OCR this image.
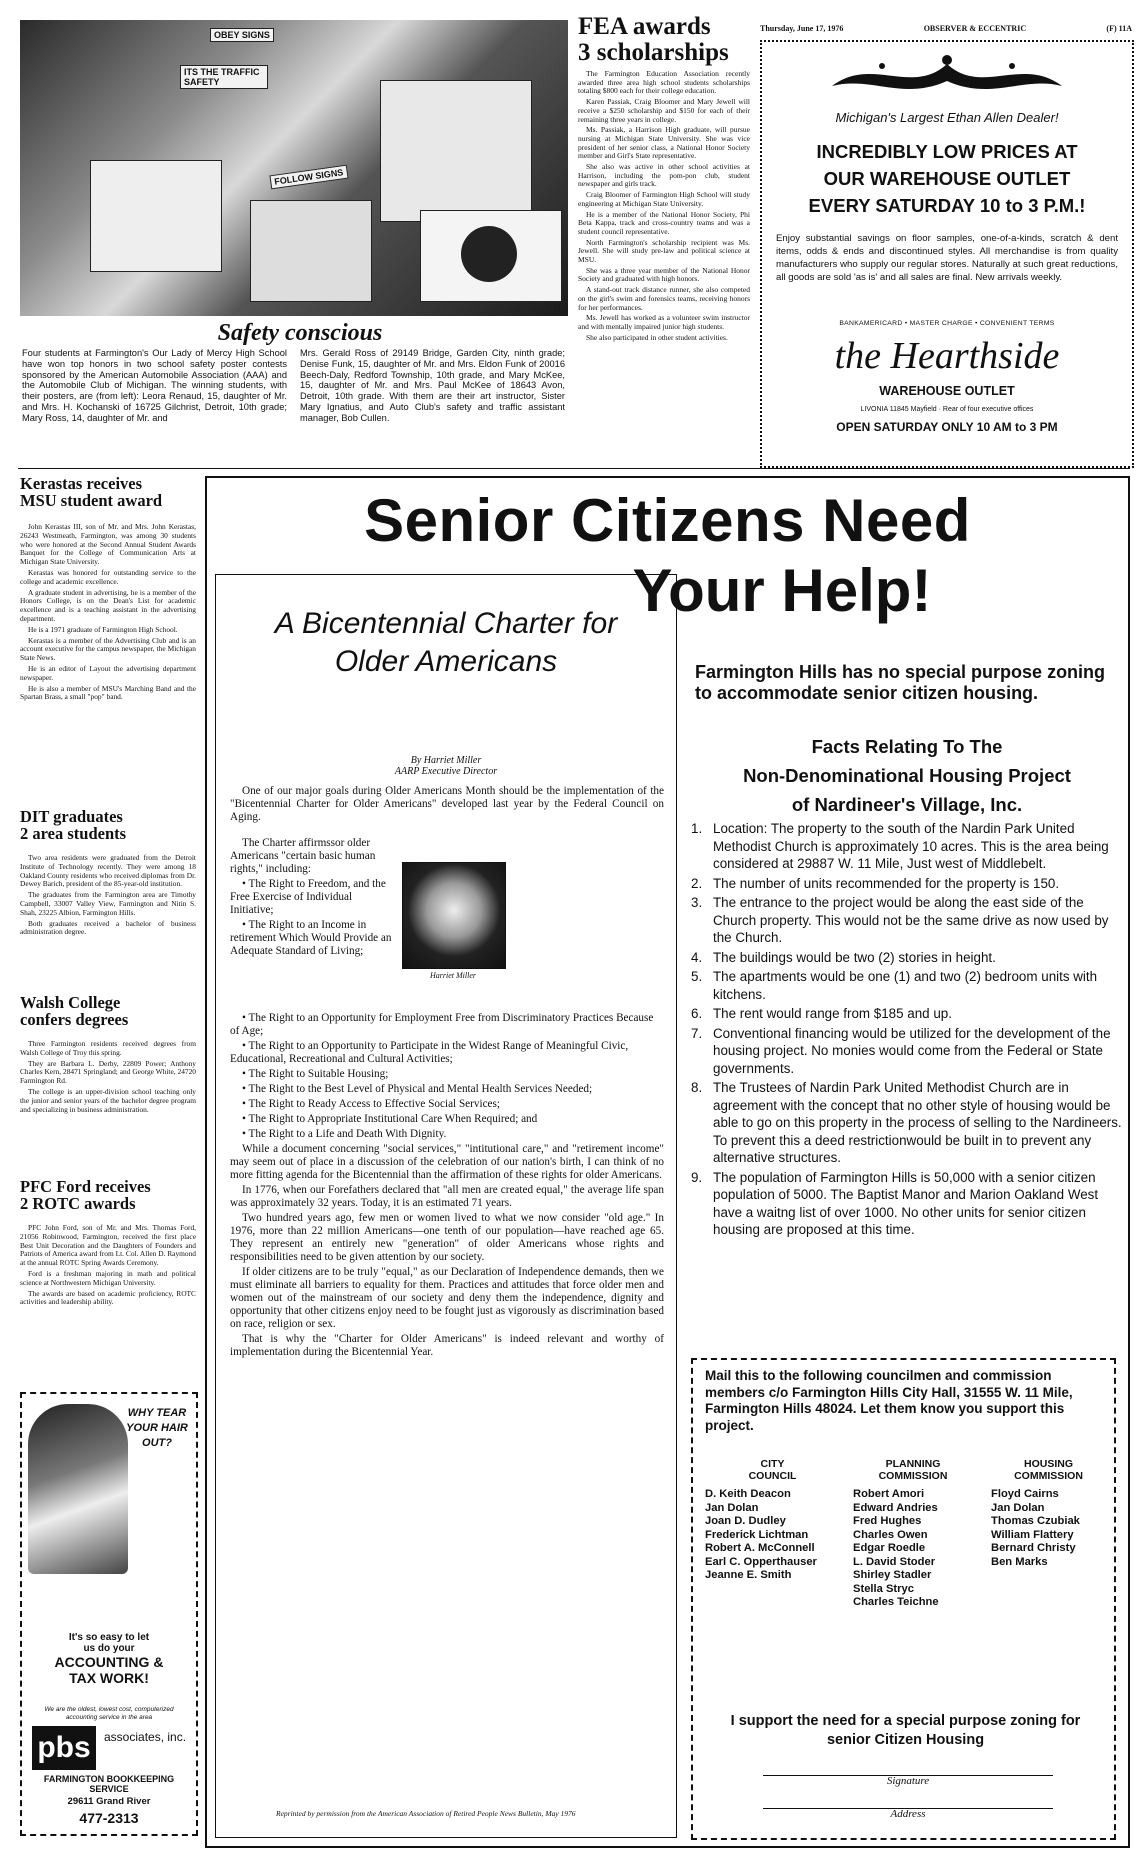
Thursday, June 17, 1976	OBSERVER & ECCENTRIC	(F) 11A
OBEY SIGNS
ITS THE TRAFFIC SAFETY
FOLLOW SIGNS
Safety conscious
Four students at Farmington's Our Lady of Mercy High School have won top honors in two school safety poster contests sponsored by the American Automobile Association (AAA) and the Automobile Club of Michigan. The winning students, with their posters, are (from left): Leora Renaud, 15, daughter of Mr. and Mrs. H. Kochanski of 16725 Gilchrist, Detroit, 10th grade; Mary Ross, 14, daughter of Mr. and
Mrs. Gerald Ross of 29149 Bridge, Garden City, ninth grade; Denise Funk, 15, daughter of Mr. and Mrs. Eldon Funk of 20016 Beech-Daly, Redford Township, 10th grade, and Mary McKee, 15, daughter of Mr. and Mrs. Paul McKee of 18643 Avon, Detroit, 10th grade. With them are their art instructor, Sister Mary Ignatius, and Auto Club's safety and traffic assistant manager, Bob Cullen.
FEA awards
3 scholarships

The Farmington Education Association recently awarded three area high school students scholarships totaling $800 each for their college education.

Karen Passiak, Craig Bloomer and Mary Jewell will receive a $250 scholarship and $150 for each of their remaining three years in college.

Ms. Passiak, a Harrison High graduate, will pursue nursing at Michigan State University. She was vice president of her senior class, a National Honor Society member and Girl's State representative.

She also was active in other school activities at Harrison, including the pom-pon club, student newspaper and girls track.

Craig Bloomer of Farmington High School will study engineering at Michigan State University.

He is a member of the National Honor Society, Phi Beta Kappa, track and cross-country teams and was a student council representative.

North Farmington's scholarship recipient was Ms. Jewell. She will study pre-law and political science at MSU.

She was a three year member of the National Honor Society and graduated with high honors.

A stand-out track distance runner, she also competed on the girl's swim and forensics teams, receiving honors for her performances.

Ms. Jewell has worked as a volunteer swim instructor and with mentally impaired junior high students.

She also participated in other student activities.

Michigan's Largest Ethan Allen Dealer!
INCREDIBLY LOW PRICES AT
OUR WAREHOUSE OUTLET
EVERY SATURDAY 10 to 3 P.M.!
Enjoy substantial savings on floor samples, one-of-a-kinds, scratch & dent items, odds & ends and discontinued styles. All merchandise is from quality manufacturers who supply our regular stores. Naturally at such great reductions, all goods are sold 'as is' and all sales are final. New arrivals weekly.
BANKAMERICARD • MASTER CHARGE • CONVENIENT TERMS
the Hearthside
WAREHOUSE OUTLET
LIVONIA 11845 Mayfield · Rear of four executive offices
OPEN SATURDAY ONLY 10 AM to 3 PM
Kerastas receives
MSU student award

John Kerastas III, son of Mr. and Mrs. John Kerastas, 26243 Westmeath, Farmington, was among 30 students who were honored at the Second Annual Student Awards Banquet for the College of Communication Arts at Michigan State University.

Kerastas was honored for outstanding service to the college and academic excellence.

A graduate student in advertising, he is a member of the Honors College, is on the Dean's List for academic excellence and is a teaching assistant in the advertising department.

He is a 1971 graduate of Farmington High School.

Kerastas is a member of the Advertising Club and is an account executive for the campus newspaper, the Michigan State News.

He is an editor of Layout the advertising department newspaper.

He is also a member of MSU's Marching Band and the Spartan Brass, a small "pop" band.

DIT graduates
2 area students

Two area residents were graduated from the Detroit Institute of Technology recently. They were among 18 Oakland County residents who received diplomas from Dr. Dewey Barich, president of the 85-year-old institution.

The graduates from the Farmington area are Timothy Campbell, 33007 Valley View, Farmington and Nitin S. Shah, 23225 Albion, Farmington Hills.

Both graduates received a bachelor of business administration degree.

Walsh College
confers degrees

Three Farmington residents received degrees from Walsh College of Troy this spring.

They are Barbara L. Derby, 22809 Power; Anthony Charles Kern, 28471 Springland; and George White, 24720 Farmington Rd.

The college is an upper-division school teaching only the junior and senior years of the bachelor degree program and specializing in business administration.

PFC Ford receives
2 ROTC awards

PFC John Ford, son of Mr. and Mrs. Thomas Ford, 21056 Robinwood, Farmington, received the first place Best Unit Decoration and the Daughters of Founders and Patriots of America award from Lt. Col. Allen D. Raymond at the annual ROTC Spring Awards Ceremony.

Ford is a freshman majoring in math and political science at Northwestern Michigan University.

The awards are based on academic proficiency, ROTC activities and leadership ability.

WHY TEAR YOUR HAIR OUT?
It's so easy to let
us do your
ACCOUNTING &
TAX WORK!
We are the oldest, lowest cost, computerized accounting service in the area
pbs	associates, inc.
FARMINGTON BOOKKEEPING SERVICE
29611 Grand River
477-2313
Senior Citizens Need
Your Help!
A Bicentennial Charter for Older Americans
By Harriet Miller
AARP Executive Director

One of our major goals during Older Americans Month should be the implementation of the "Bicentennial Charter for Older Americans" developed last year by the Federal Council on Aging.

Harriet Miller

The Charter affirmssor older Americans "certain basic human rights," including:

• The Right to Freedom, and the Free Exercise of Individual Initiative;

• The Right to an Income in retirement Which Would Provide an Adequate Standard of Living;

• The Right to an Opportunity for Employment Free from Discriminatory Practices Because of Age;

• The Right to an Opportunity to Participate in the Widest Range of Meaningful Civic, Educational, Recreational and Cultural Activities;

• The Right to Suitable Housing;

• The Right to the Best Level of Physical and Mental Health Services Needed;

• The Right to Ready Access to Effective Social Services;

• The Right to Appropriate Institutional Care When Required; and

• The Right to a Life and Death With Dignity.

While a document concerning "social services," "intitutional care," and "retirement income" may seem out of place in a discussion of the celebration of our nation's birth, I can think of no more fitting agenda for the Bicentennial than the affirmation of these rights for older Americans.

In 1776, when our Forefathers declared that "all men are created equal," the average life span was approximately 32 years. Today, it is an estimated 71 years.

Two hundred years ago, few men or women lived to what we now consider "old age." In 1976, more than 22 million Americans—one tenth of our population—have reached age 65. They represent an entirely new "generation" of older Americans whose rights and responsibilities need to be given attention by our society.

If older citizens are to be truly "equal," as our Declaration of Independence demands, then we must eliminate all barriers to equality for them. Practices and attitudes that force older men and women out of the mainstream of our society and deny them the independence, dignity and opportunity that other citizens enjoy need to be fought just as vigorously as discrimination based on race, religion or sex.

That is why the "Charter for Older Americans" is indeed relevant and worthy of implementation during the Bicentennial Year.

Reprinted by permission from the American Association of Retired People News Bulletin, May 1976
Farmington Hills has no special purpose zoning to accommodate senior citizen housing.
Facts Relating To The
Non-Denominational Housing Project
of Nardineer's Village, Inc.
1. Location: The property to the south of the Nardin Park United Methodist Church is approximately 10 acres. This is the area being considered at 29887 W. 11 Mile, Just west of Middlebelt.
2. The number of units recommended for the property is 150.
3. The entrance to the project would be along the east side of the Church property. This would not be the same drive as now used by the Church.
4. The buildings would be two (2) stories in height.
5. The apartments would be one (1) and two (2) bedroom units with kitchens.
6. The rent would range from $185 and up.
7. Conventional financing would be utilized for the development of the housing project. No monies would come from the Federal or State governments.
8. The Trustees of Nardin Park United Methodist Church are in agreement with the concept that no other style of housing would be able to go on this property in the process of selling to the Nardineers. To prevent this a deed restrictionwould be built in to prevent any alternative structures.
9. The population of Farmington Hills is 50,000 with a senior citizen population of 5000. The Baptist Manor and Marion Oakland West have a waitng list of over 1000. No other units for senior citizen housing are proposed at this time.
Mail this to the following councilmen and commission members c/o Farmington Hills City Hall, 31555 W. 11 Mile, Farmington Hills 48024. Let them know you support this project.
CITY
COUNCIL
D. Keith Deacon
Jan Dolan
Joan D. Dudley
Frederick Lichtman
Robert A. McConnell
Earl C. Opperthauser
Jeanne E. Smith
PLANNING
COMMISSION
Robert Amori
Edward Andries
Fred Hughes
Charles Owen
Edgar Roedle
L. David Stoder
Shirley Stadler
Stella Stryc
Charles Teichne
HOUSING
COMMISSION
Floyd Cairns
Jan Dolan
Thomas Czubiak
William Flattery
Bernard Christy
Ben Marks
I support the need for a special purpose zoning for senior Citizen Housing
Signature
Address
